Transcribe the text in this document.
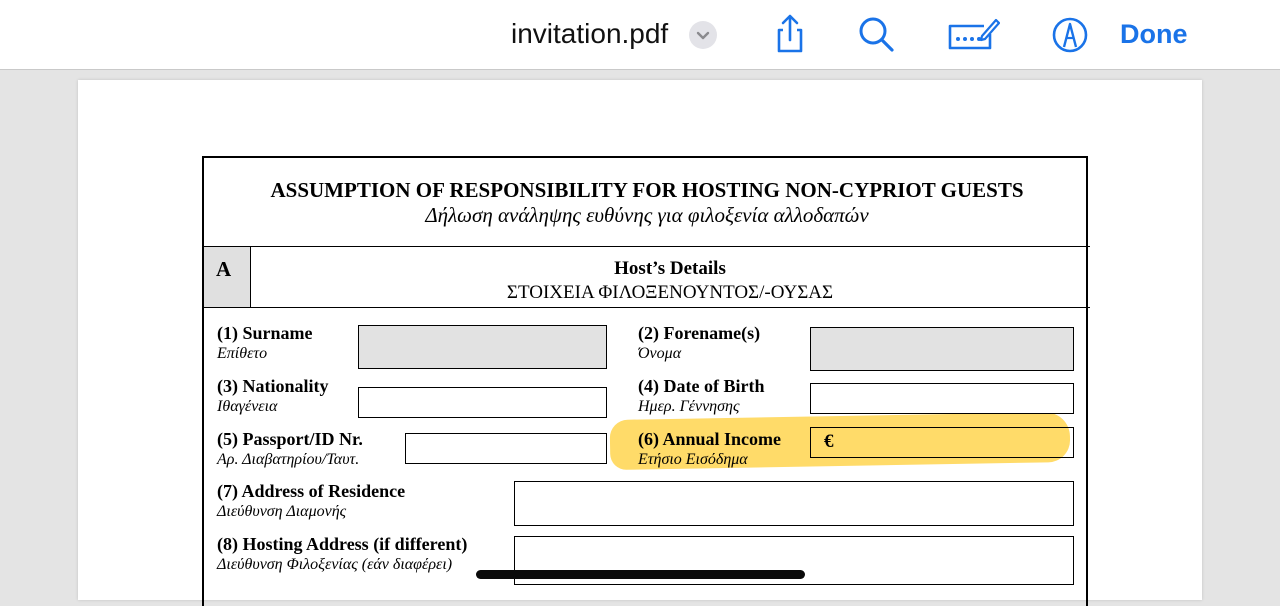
invitation.pdf	Done
ASSUMPTION OF RESPONSIBILITY FOR HOSTING NON-CYPRIOT GUESTS
Δήλωση ανάληψης ευθύνης για φιλοξενία αλλοδαπών
A	Host’s Details
ΣΤΟΙΧΕΙΑ ΦΙΛΟΞΕΝΟΥΝΤΟΣ/-ΟΥΣΑΣ
(1) Surname
Επίθετο
(2) Forename(s)
Όνομα
(3) Nationality
Ιθαγένεια
(4) Date of Birth
Ημερ. Γέννησης
(5) Passport/ID Nr.
Αρ. Διαβατηρίου/Ταυτ.
(6) Annual Income
Ετήσιο Εισόδημα
€
(7) Address of Residence
Διεύθυνση Διαμονής
(8) Hosting Address (if different)
Διεύθυνση Φιλοξενίας (εάν διαφέρει)
